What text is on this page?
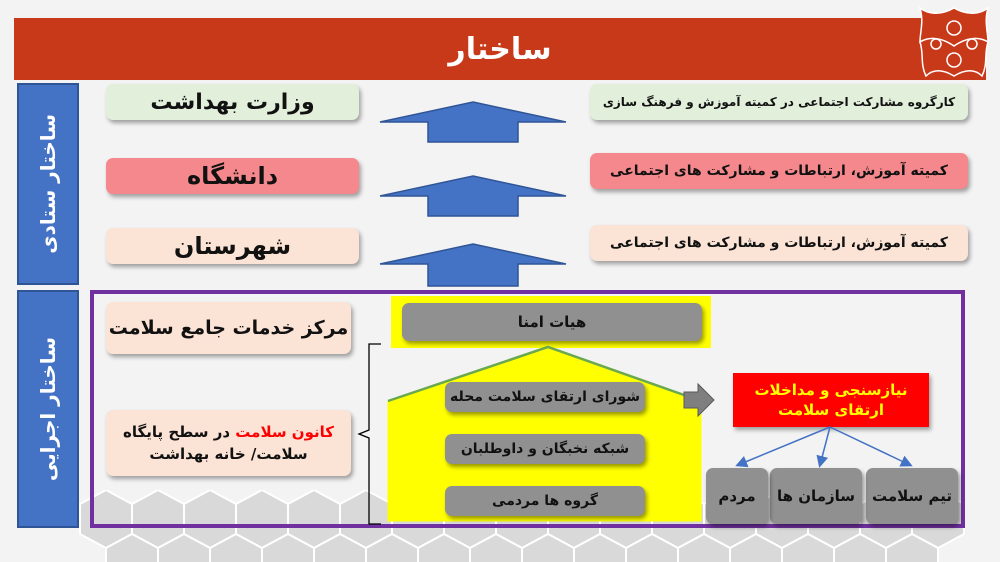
ساختار
ساختار ستادی
ساختار اجرایی
وزارت بهداشت
دانشگاه
شهرستان
کارگروه مشارکت اجتماعی در کمیته آموزش و فرهنگ سازی
کمیته آموزش، ارتباطات و مشارکت های اجتماعی
کمیته آموزش، ارتباطات و مشارکت های اجتماعی
مرکز خدمات جامع سلامت
کانون سلامت در سطح پایگاه
سلامت/ خانه بهداشت
هیات امنا
شورای ارتقای سلامت محله
شبکه نخبگان و داوطلبان
گروه ها مردمی
نیازسنجی و مداخلات ارتقای سلامت
تیم سلامت
سازمان ها
مردم
